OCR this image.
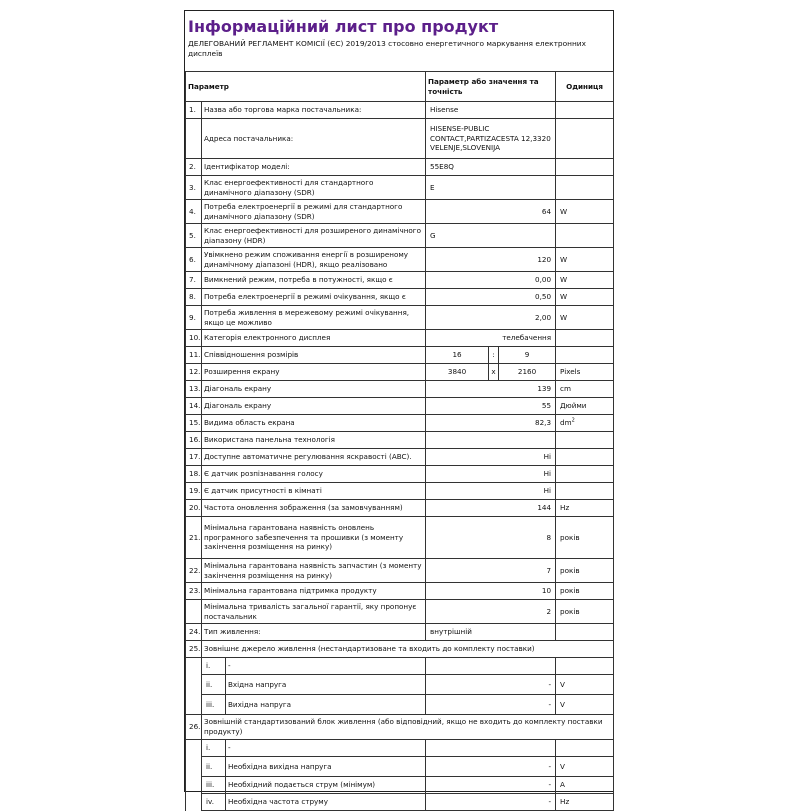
Інформаційний лист про продукт
ДЕЛЕГОВАНИЙ РЕГЛАМЕНТ КОМІСІЇ (ЄС) 2019/2013 стосовно енергетичного маркування електронних дисплеїв
Параметр			Параметр або значення та точність			Одиниця
1.	Назва або торгова марка постачальника:		Hisense			
	Адреса постачальника:		HISENSE-PUBLIC CONTACT,PARTIZACESTA 12,3320 VELENJE,SLOVENIJA			
2.	Ідентифікатор моделі:		55E8Q			
3.	Клас енергоефективності для стандартного динамічного діапазону (SDR)		E			
4.	Потреба електроенергії в режимі для стандартного динамічного діапазону (SDR)		64			W
5.	Клас енергоефективності для розширеного динамічного діапазону (HDR)		G			
6.	Увімкнено режим споживання енергії в розширеному динамічному діапазоні (HDR), якщо реалізовано		120			W
7.	Вимкнений режим, потреба в потужності, якщо є		0,00			W
8.	Потреба електроенергії в режимі очікування, якщо є		0,50			W
9.	Потреба живлення в мережевому режимі очікування, якщо це можливо		2,00			W
10.	Категорія електронного дисплея		телебачення			
11.	Співвідношення розмірів		16	:	9	
12.	Розширення екрану		3840	x	2160	Pixels
13.	Діагональ екрану		139			cm
14.	Діагональ екрану		55			Дюйми
15.	Видима область екрана		82,3			$dm^2$
16.	Використана панельна технологія					
17.	Доступне автоматичне регулювання яскравості (ABC).		Ні			
18.	Є датчик розпізнавання голосу		Ні			
19.	Є датчик присутності в кімнаті		Ні			
20.	Частота оновлення зображення (за замовчуванням)		144			Hz
21.	Мінімальна гарантована наявність оновлень програмного забезпечення та прошивки (з моменту закінчення розміщення на ринку)		8			років
22.	Мінімальна гарантована наявність запчастин (з моменту закінчення розміщення на ринку)		7			років
23.	Мінімальна гарантована підтримка продукту		10			років
	Мінімальна тривалість загальної гарантії, яку пропонує постачальник		2			років
24.	Тип живлення:		внутрішній			
25.	Зовнішнє джерело живлення (нестандартизоване та входить до комплекту поставки)					
	i.	-				
	ii.	Вхідна напруга	-			V
	iii.	Вихідна напруга	-			V
26.	Зовнішній стандартизований блок живлення (або відповідний, якщо не входить до комплекту поставки продукту)					
	i.	-				
	ii.	Необхідна вихідна напруга	-			V
	iii.	Необхідний подається струм (мінімум)	-			A
	iv.	Необхідна частота струму	-			Hz
